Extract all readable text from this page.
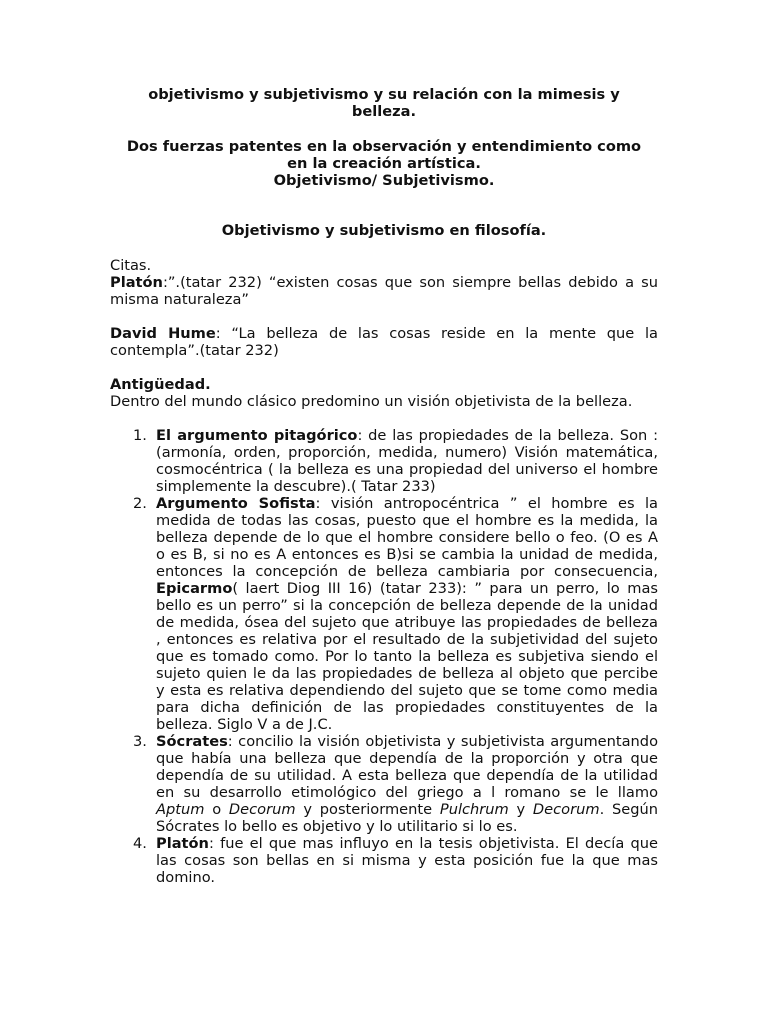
objetivismo y subjetivismo y su relación con la mimesis y
belleza.
Dos fuerzas patentes en la observación y entendimiento como
en la creación artística.
Objetivismo/ Subjetivismo.
Objetivismo y subjetivismo en filosofía.
Citas.
Platón:”.(tatar 232) “existen cosas que son siempre bellas debido a su misma naturaleza”
David Hume: “La belleza de las cosas reside en la mente que la contempla”.(tatar 232)
Antigüedad.
Dentro del mundo clásico predomino un visión objetivista de la belleza.
1. El argumento pitagórico: de las propiedades de la belleza. Son : (armonía, orden, proporción, medida, numero) Visión matemática, cosmocéntrica ( la belleza es una propiedad del universo el hombre simplemente la descubre).( Tatar 233)
2. Argumento Sofista: visión antropocéntrica ” el hombre es la medida de todas las cosas, puesto que el hombre es la medida, la belleza depende de lo que el hombre considere bello o feo. (O es A o es B, si no es A entonces es B)si se cambia la unidad de medida, entonces la concepción de belleza cambiaria por consecuencia, Epicarmo( laert Diog III 16) (tatar 233): ” para un perro, lo mas bello es un perro” si la concepción de belleza depende de la unidad de medida, ósea del sujeto que atribuye las propiedades de belleza , entonces es relativa por el resultado de la subjetividad del sujeto que es tomado como. Por lo tanto la belleza es subjetiva siendo el sujeto quien le da las propiedades de belleza al objeto que percibe y esta es relativa dependiendo del sujeto que se tome como media para dicha definición de las propiedades constituyentes de la belleza. Siglo V a de J.C.
3. Sócrates: concilio la visión objetivista y subjetivista argumentando que había una belleza que dependía de la proporción y otra que dependía de su utilidad. A esta belleza que dependía de la utilidad en su desarrollo etimológico del griego a l romano se le llamo Aptum o Decorum y posteriormente Pulchrum y Decorum. Según Sócrates lo bello es objetivo y lo utilitario si lo es.
4. Platón: fue el que mas influyo en la tesis objetivista. El decía que las cosas son bellas en si misma y esta posición fue la que mas domino.
